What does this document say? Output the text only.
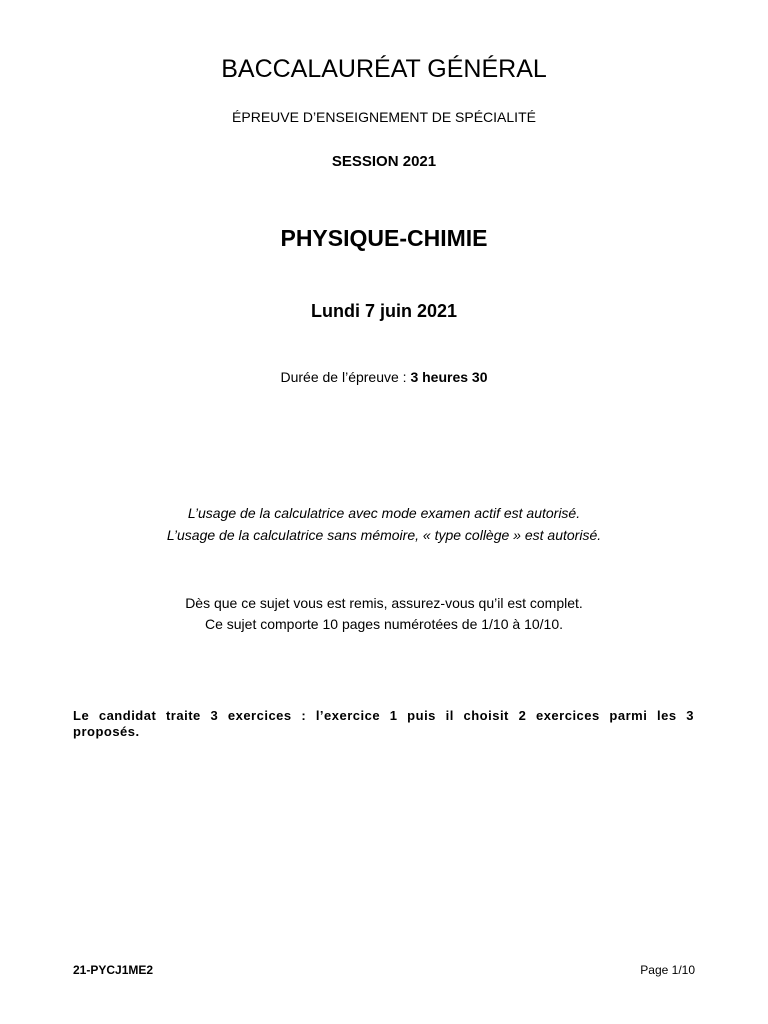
BACCALAURÉAT GÉNÉRAL
ÉPREUVE D’ENSEIGNEMENT DE SPÉCIALITÉ
SESSION 2021
PHYSIQUE-CHIMIE
Lundi 7 juin 2021
Durée de l’épreuve : 3 heures 30
L’usage de la calculatrice avec mode examen actif est autorisé.
L’usage de la calculatrice sans mémoire, « type collège » est autorisé.
Dès que ce sujet vous est remis, assurez-vous qu’il est complet.
Ce sujet comporte 10 pages numérotées de 1/10 à 10/10.
Le candidat traite 3 exercices : l’exercice 1 puis il choisit 2 exercices parmi les 3 proposés.
21-PYCJ1ME2	Page 1/10
